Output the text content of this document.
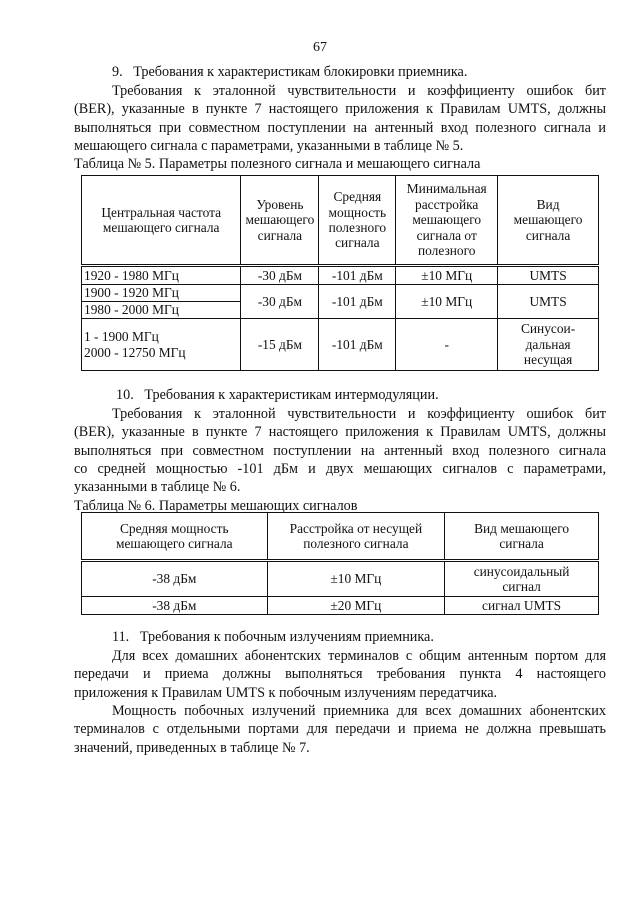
67
9.   Требования к характеристикам блокировки приемника.
Требования к эталонной чувствительности и коэффициенту ошибок бит
(BER), указанные в пункте 7 настоящего приложения к Правилам UMTS, должны
выполняться при совместном поступлении на антенный вход полезного сигнала и
мешающего сигнала с параметрами, указанными в таблице № 5.
Таблица № 5. Параметры полезного сигнала и мешающего сигнала
Центральная частота
мешающего сигнала	Уровень
мешающего
сигнала	Средняя
мощность
полезного
сигнала	Минимальная
расстройка
мешающего
сигнала от
полезного	Вид
мешающего
сигнала

1920 - 1980 МГц	-30 дБм	-101 дБм	±10 МГц	UMTS
1900 - 1920 МГц	-30 дБм	-101 дБм	±10 МГц	UMTS
1980 - 2000 МГц				

1 - 1900 МГц
2000 - 12750 МГц	-15 дБм	-101 дБм	-	Синусои-
дальная
несущая
10.   Требования к характеристикам интермодуляции.
Требования к эталонной чувствительности и коэффициенту ошибок бит
(BER), указанные в пункте 7 настоящего приложения к Правилам UMTS, должны
выполняться при совместном поступлении на антенный вход полезного сигнала
со средней мощностью -101 дБм и двух мешающих сигналов с параметрами,
указанными в таблице № 6.
Таблица № 6. Параметры мешающих сигналов
Средняя мощность
мешающего сигнала	Расстройка от несущей
полезного сигнала	Вид мешающего
сигнала

-38 дБм	±10 МГц	синусоидальный
сигнал

-38 дБм	±20 МГц	сигнал UMTS
11.   Требования к побочным излучениям приемника.
Для всех домашних абонентских терминалов с общим антенным портом для
передачи и приема должны выполняться требования пункта 4 настоящего
приложения к Правилам UMTS к побочным излучениям передатчика.
Мощность побочных излучений приемника для всех домашних абонентских
терминалов с отдельными портами для передачи и приема не должна превышать
значений, приведенных в таблице № 7.
